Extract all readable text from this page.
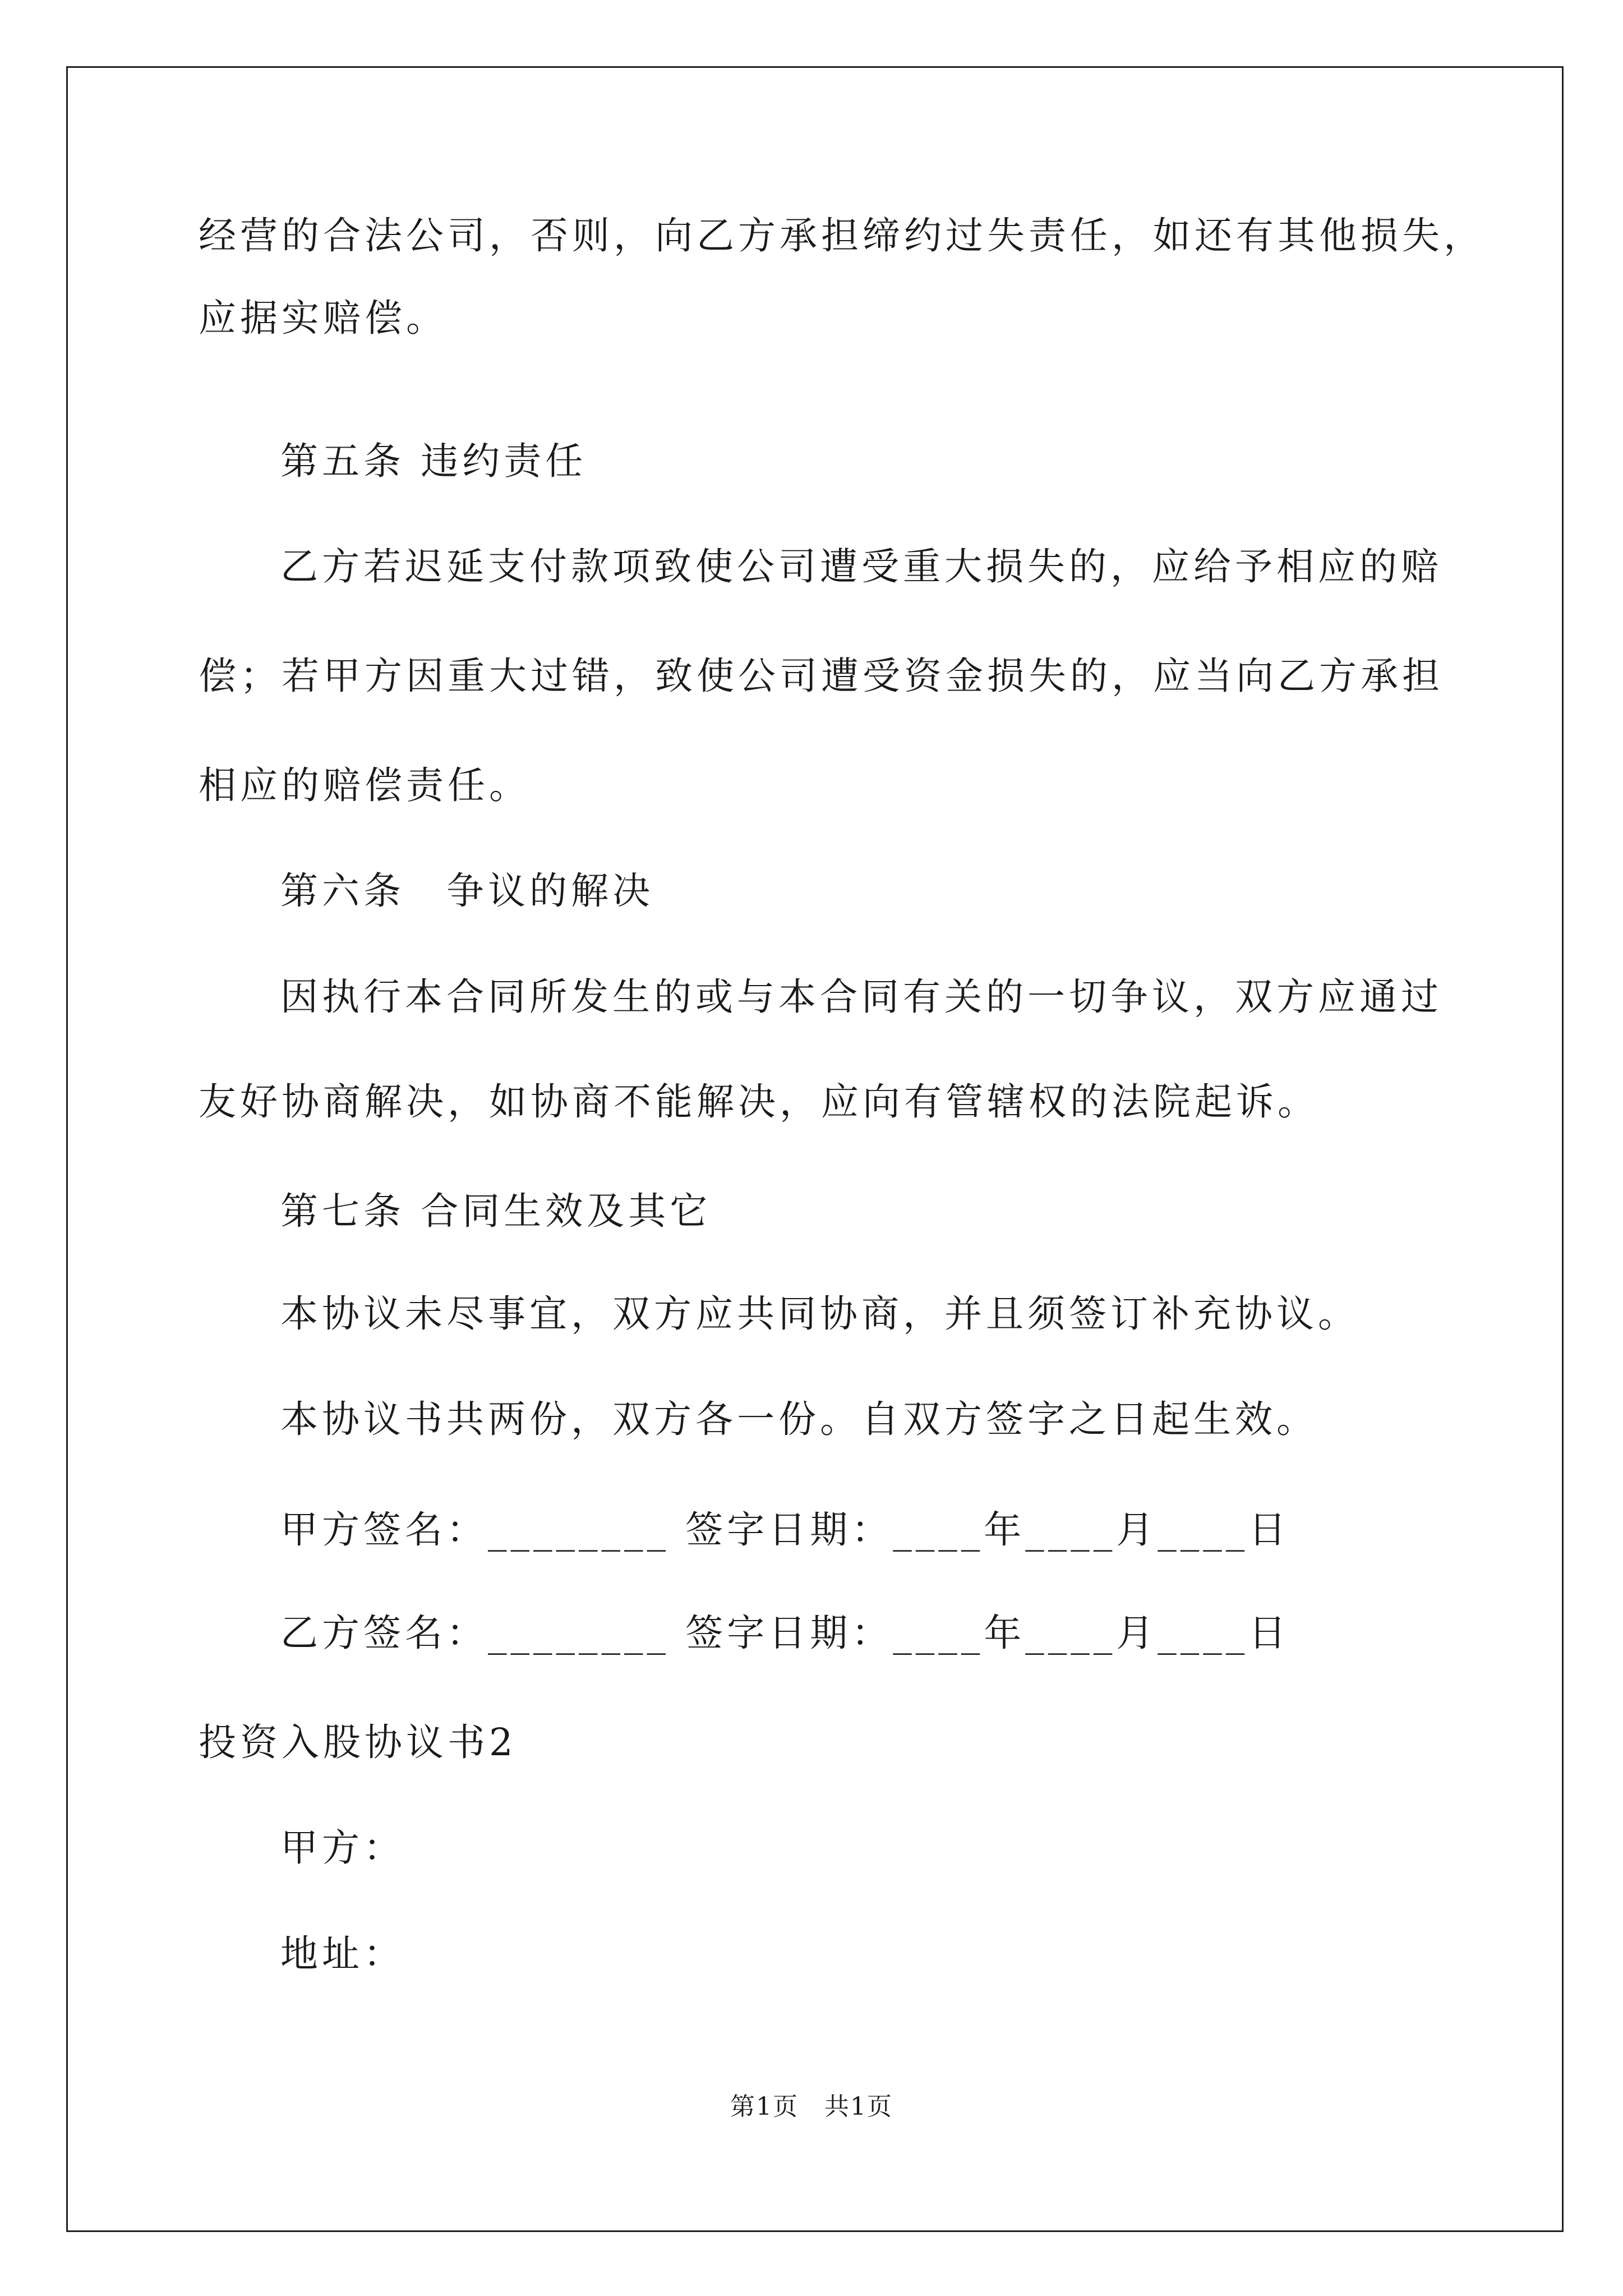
经营的合法公司，否则，向乙方承担缔约过失责任，如还有其他损失，
应据实赔偿。
第五条 违约责任
乙方若迟延支付款项致使公司遭受重大损失的，应给予相应的赔
偿；若甲方因重大过错，致使公司遭受资金损失的，应当向乙方承担
相应的赔偿责任。
第六条　争议的解决
因执行本合同所发生的或与本合同有关的一切争议，双方应通过
友好协商解决，如协商不能解决，应向有管辖权的法院起诉。
第七条 合同生效及其它
本协议未尽事宜，双方应共同协商，并且须签订补充协议。
本协议书共两份，双方各一份。自双方签字之日起生效。
甲方签名：________ 签字日期：____年____月____日
乙方签名：________ 签字日期：____年____月____日
投资入股协议书2
甲方：
地址：
第1页　共1页
